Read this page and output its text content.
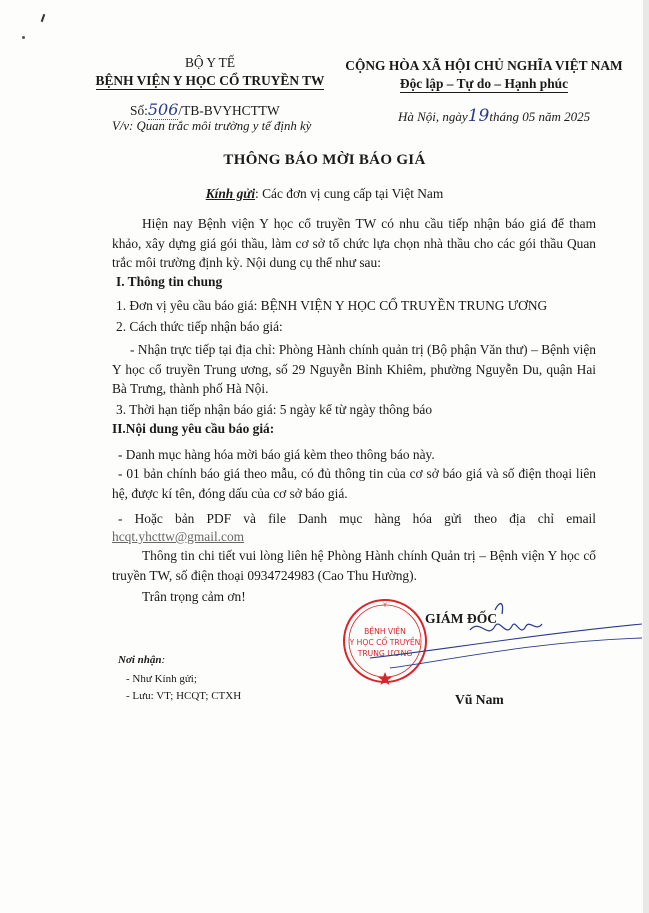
BỘ Y TẾ
BỆNH VIỆN Y HỌC CỔ TRUYỀN TW
Số:506/TB-BVYHCTTW
V/v: Quan trắc môi trường y tế định kỳ
CỘNG HÒA XÃ HỘI CHỦ NGHĨA VIỆT NAM
Độc lập – Tự do – Hạnh phúc
Hà Nội, ngày19tháng 05 năm 2025
THÔNG BÁO MỜI BÁO GIÁ
Kính gửi: Các đơn vị cung cấp tại Việt Nam
Hiện nay Bệnh viện Y học cổ truyền TW có nhu cầu tiếp nhận báo giá để tham khảo, xây dựng giá gói thầu, làm cơ sở tổ chức lựa chọn nhà thầu cho các gói thầu Quan trắc môi trường định kỳ. Nội dung cụ thể như sau:
I. Thông tin chung
1. Đơn vị yêu cầu báo giá: BỆNH VIỆN Y HỌC CỔ TRUYỀN TRUNG ƯƠNG
2. Cách thức tiếp nhận báo giá:
- Nhận trực tiếp tại địa chỉ: Phòng Hành chính quản trị (Bộ phận Văn thư) – Bệnh viện Y học cổ truyền Trung ương, số 29 Nguyễn Bỉnh Khiêm, phường Nguyễn Du, quận Hai Bà Trưng, thành phố Hà Nội.
3. Thời hạn tiếp nhận báo giá: 5 ngày kể từ ngày thông báo
II.Nội dung yêu cầu báo giá:
- Danh mục hàng hóa mời báo giá kèm theo thông báo này.
- 01 bản chính báo giá theo mẫu, có đủ thông tin của cơ sở báo giá và số điện thoại liên hệ, được kí tên, đóng dấu của cơ sở báo giá.
- Hoặc bản PDF và file Danh mục hàng hóa gửi theo địa chỉ email
hcqt.yhcttw@gmail.com
Thông tin chi tiết vui lòng liên hệ Phòng Hành chính Quản trị – Bệnh viện Y học cổ truyền TW, số điện thoại 0934724983 (Cao Thu Hường).
Trân trọng cảm ơn!
Nơi nhận:
- Như Kính gửi;
- Lưu: VT; HCQT; CTXH
Y
BỆNH VIỆN
Y HỌC CỔ TRUYỀN
TRUNG ƯƠNG
GIÁM ĐỐC
Vũ Nam
